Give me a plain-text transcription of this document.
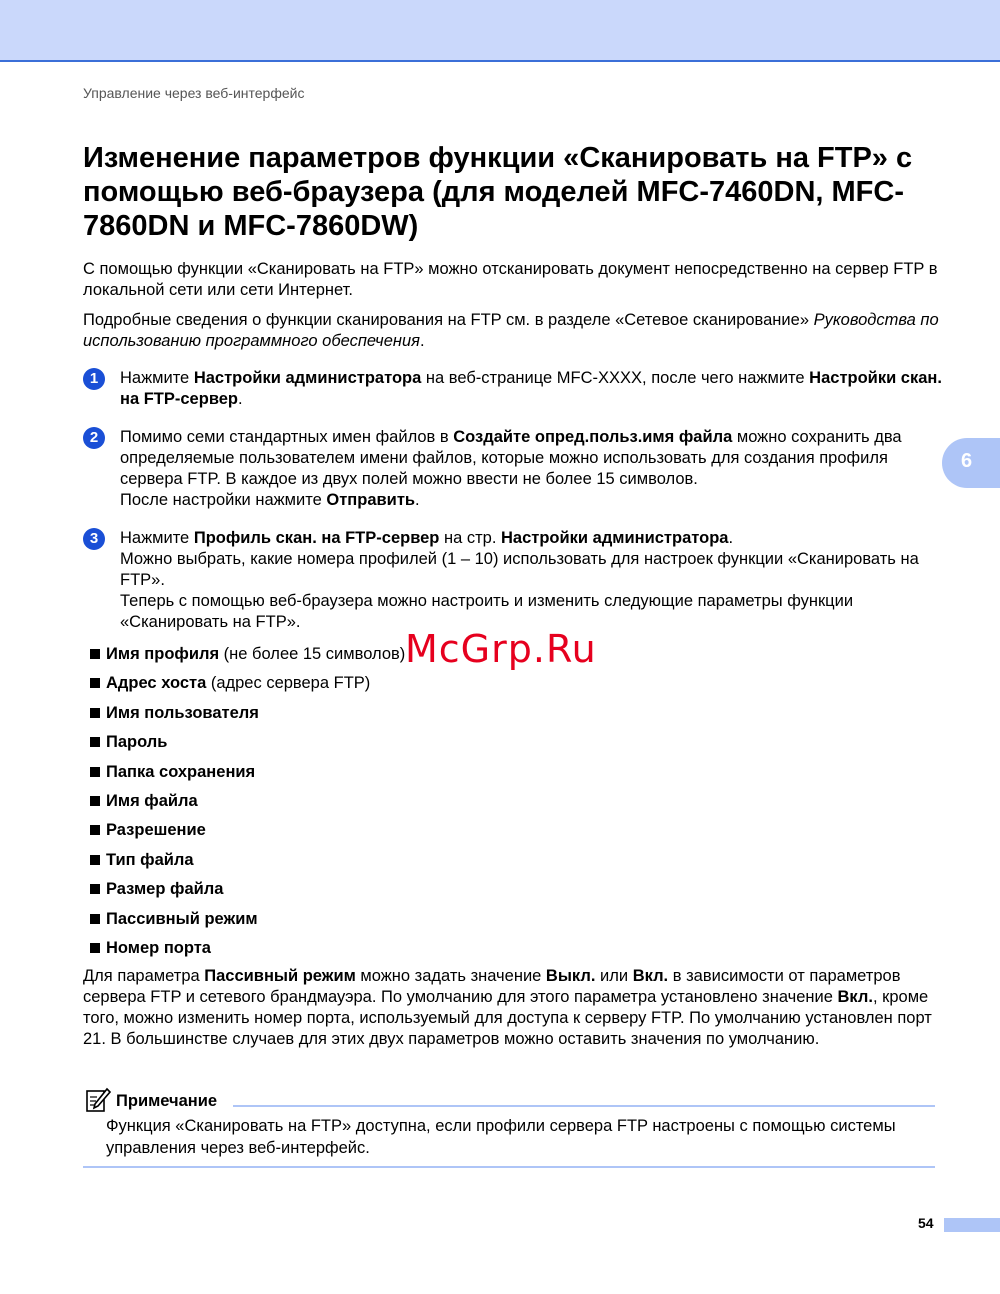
Управление через веб-интерфейс
Изменение параметров функции «Сканировать на FTP» с помощью веб-браузера (для моделей MFC-7460DN, MFC-7860DN и MFC-7860DW)

С помощью функции «Сканировать на FTP» можно отсканировать документ непосредственно на сервер FTP в локальной сети или сети Интернет.

Подробные сведения о функции сканирования на FTP см. в разделе «Сетевое сканирование» Руководства по использованию программного обеспечения.

1	Нажмите Настройки администратора на веб-странице MFC-XXXX, после чего нажмите Настройки скан. на FTP-сервер.

2	Помимо семи стандартных имен файлов в Создайте опред.польз.имя файла можно сохранить два определяемые пользователем имени файлов, которые можно использовать для создания профиля сервера FTP. В каждое из двух полей можно ввести не более 15 символов.
После настройки нажмите Отправить.

3	Нажмите Профиль скан. на FTP-сервер на стр. Настройки администратора.
Можно выбрать, какие номера профилей (1 – 10) использовать для настроек функции «Сканировать на FTP».
Теперь с помощью веб-браузера можно настроить и изменить следующие параметры функции «Сканировать на FTP».

6
Имя профиля (не более 15 символов)
Адрес хоста (адрес сервера FTP)
Имя пользователя
Пароль
Папка сохранения
Имя файла
Разрешение
Тип файла
Размер файла
Пассивный режим
Номер порта
McGrp.Ru

Для параметра Пассивный режим можно задать значение Выкл. или Вкл. в зависимости от параметров сервера FTP и сетевого брандмауэра. По умолчанию для этого параметра установлено значение Вкл., кроме того, можно изменить номер порта, используемый для доступа к серверу FTP. По умолчанию установлен порт 21. В большинстве случаев для этих двух параметров можно оставить значения по умолчанию.

Примечание

Функция «Сканировать на FTP» доступна, если профили сервера FTP настроены с помощью системы управления через веб-интерфейс.

54
